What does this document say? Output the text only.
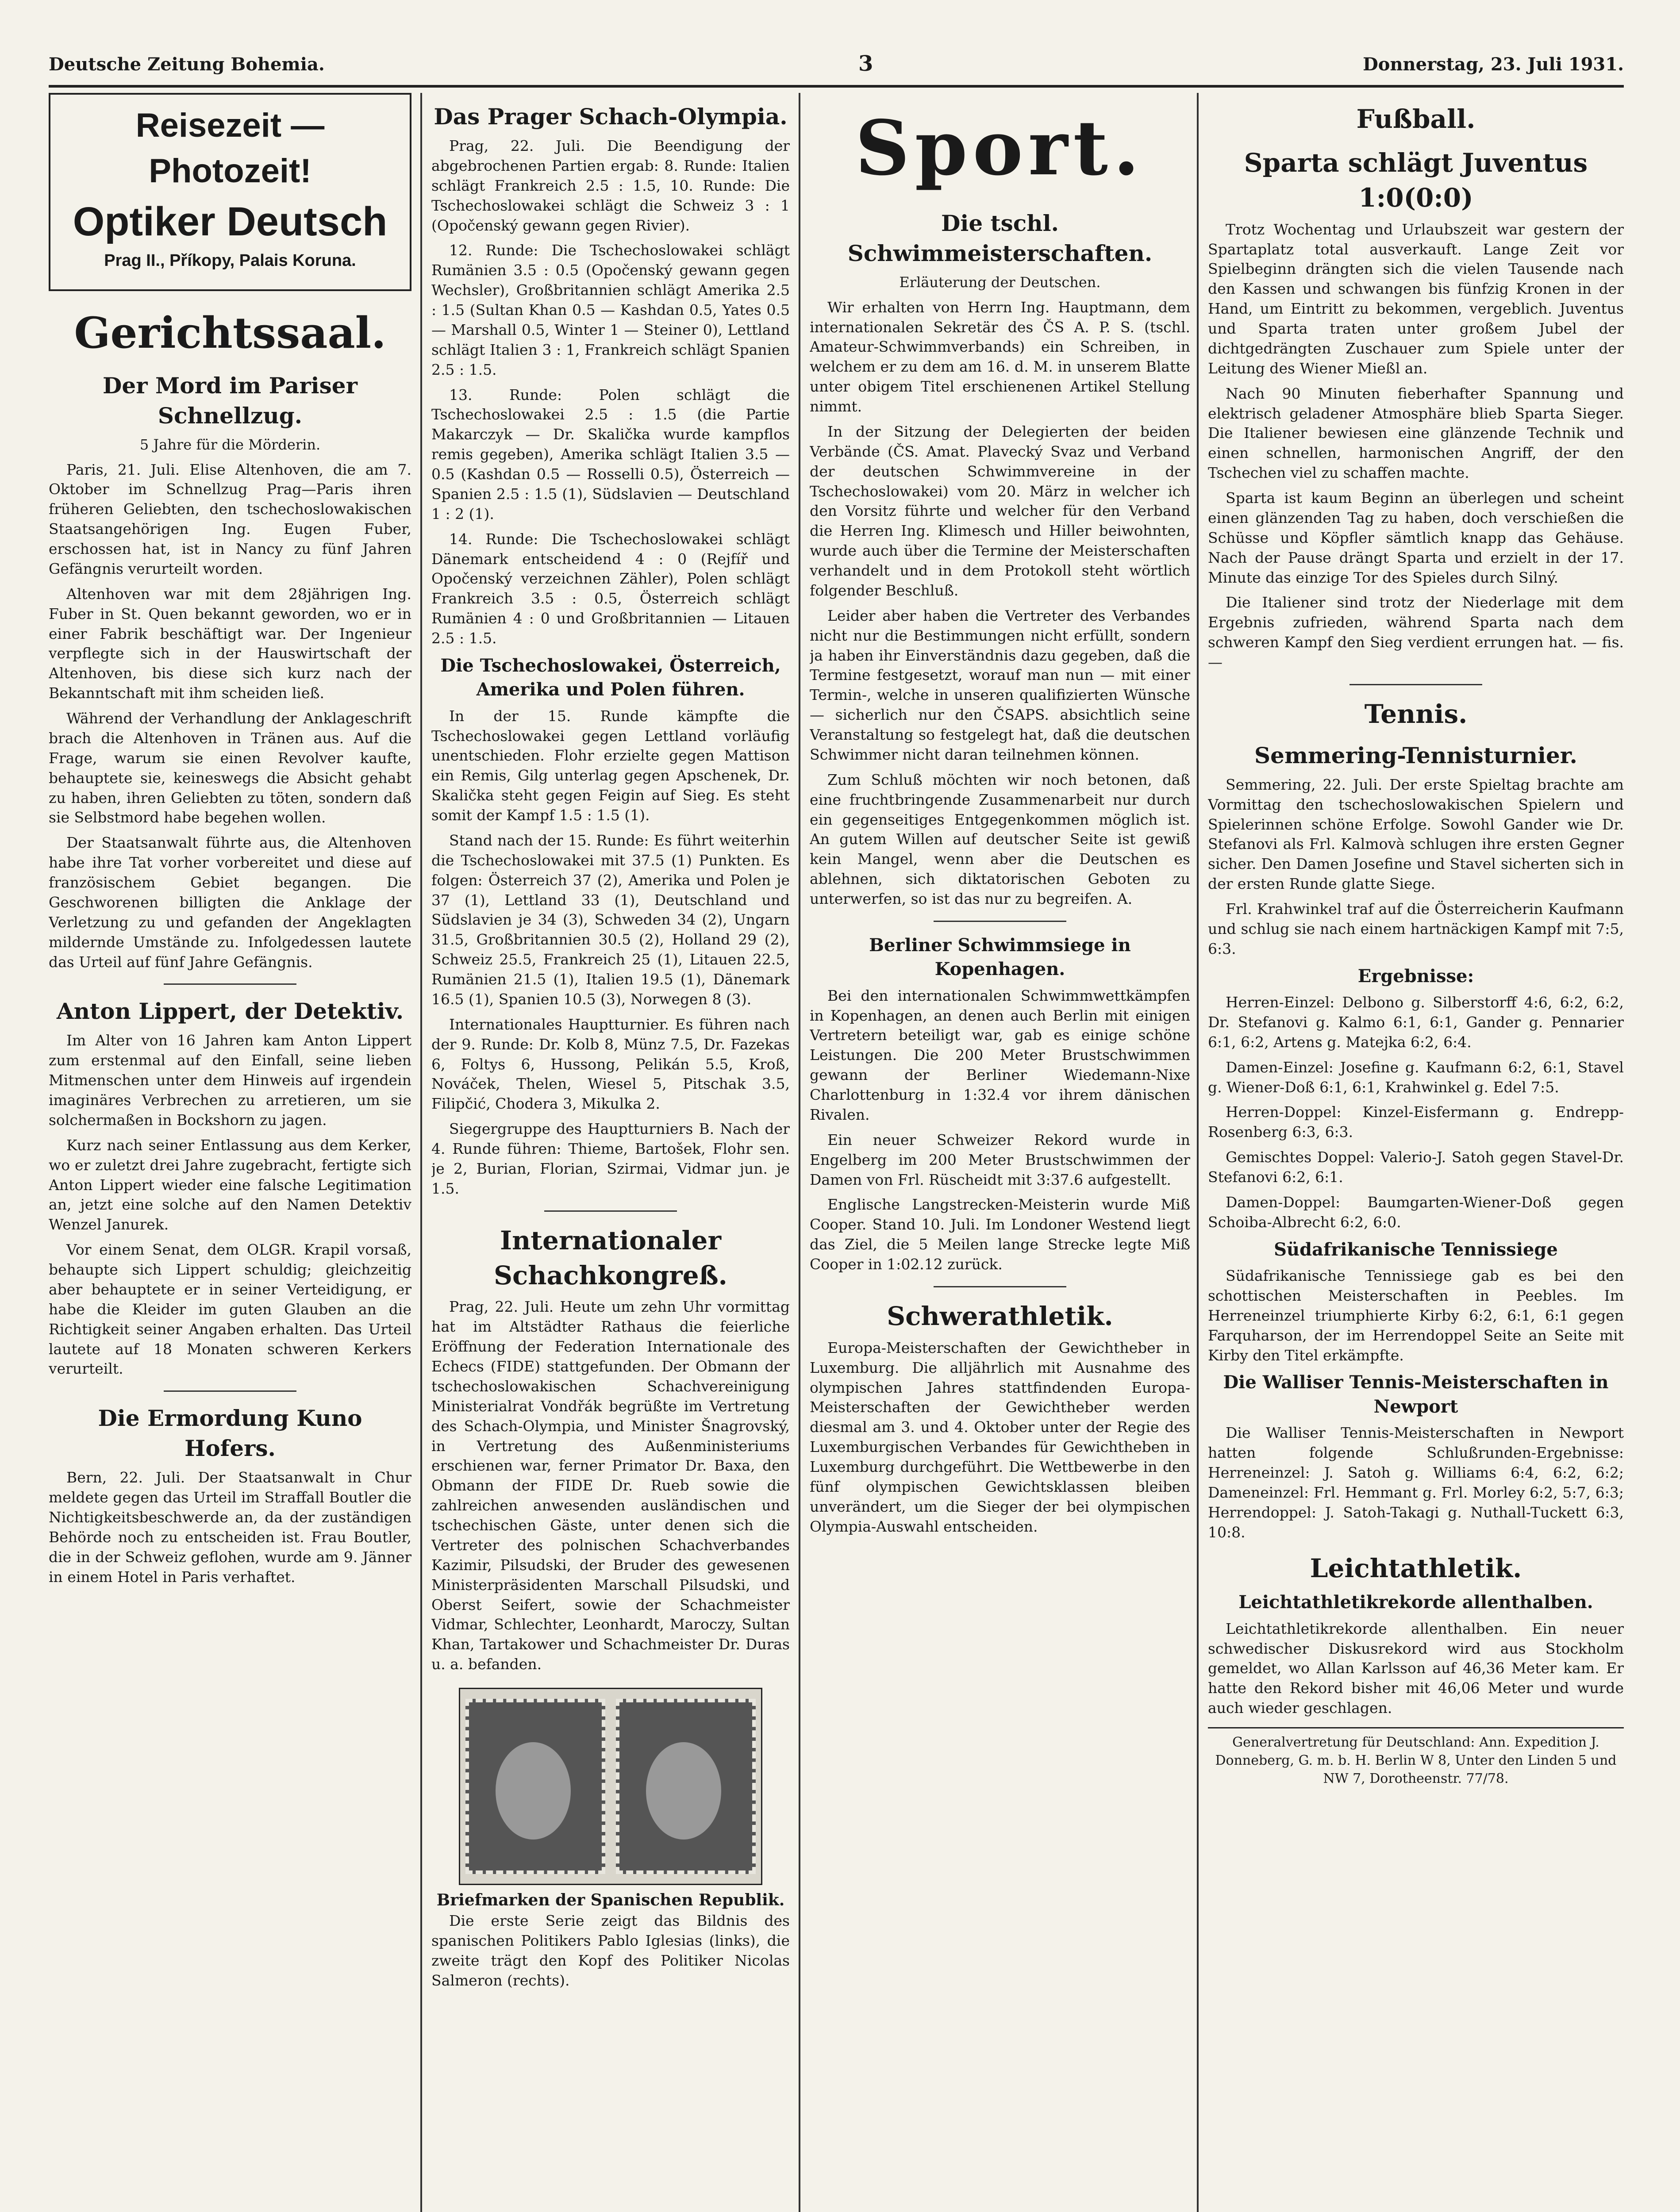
Deutsche Zeitung Bohemia.	3	Donnerstag, 23. Juli 1931.
Reisezeit — Photozeit!
Optiker Deutsch
Prag II., Příkopy, Palais Koruna.
Gerichtssaal.
Der Mord im Pariser Schnellzug.
5 Jahre für die Mörderin.

Paris, 21. Juli. Elise Altenhoven, die am 7. Oktober im Schnellzug Prag—Paris ihren früheren Geliebten, den tschechoslowakischen Staatsangehörigen Ing. Eugen Fuber, erschossen hat, ist in Nancy zu fünf Jahren Gefängnis verurteilt worden.

Altenhoven war mit dem 28jährigen Ing. Fuber in St. Quen bekannt geworden, wo er in einer Fabrik beschäftigt war. Der Ingenieur verpflegte sich in der Hauswirtschaft der Altenhoven, bis diese sich kurz nach der Bekanntschaft mit ihm scheiden ließ.

Während der Verhandlung der Anklageschrift brach die Altenhoven in Tränen aus. Auf die Frage, warum sie einen Revolver kaufte, behauptete sie, keineswegs die Absicht gehabt zu haben, ihren Geliebten zu töten, sondern daß sie Selbstmord habe begehen wollen.

Der Staatsanwalt führte aus, die Altenhoven habe ihre Tat vorher vorbereitet und diese auf französischem Gebiet begangen. Die Geschworenen billigten die Anklage der Verletzung zu und gefanden der Angeklagten mildernde Umstände zu. Infolgedessen lautete das Urteil auf fünf Jahre Gefängnis.

Anton Lippert, der Detektiv.

Im Alter von 16 Jahren kam Anton Lippert zum erstenmal auf den Einfall, seine lieben Mitmenschen unter dem Hinweis auf irgendein imaginäres Verbrechen zu arretieren, um sie solchermaßen in Bockshorn zu jagen.

Kurz nach seiner Entlassung aus dem Kerker, wo er zuletzt drei Jahre zugebracht, fertigte sich Anton Lippert wieder eine falsche Legitimation an, jetzt eine solche auf den Namen Detektiv Wenzel Janurek.

Vor einem Senat, dem OLGR. Krapil vorsaß, behaupte sich Lippert schuldig; gleichzeitig aber behauptete er in seiner Verteidigung, er habe die Kleider im guten Glauben an die Richtigkeit seiner Angaben erhalten. Das Urteil lautete auf 18 Monaten schweren Kerkers verurteilt.

Die Ermordung Kuno Hofers.

Bern, 22. Juli. Der Staatsanwalt in Chur meldete gegen das Urteil im Straffall Boutler die Nichtigkeitsbeschwerde an, da der zuständigen Behörde noch zu entscheiden ist. Frau Boutler, die in der Schweiz geflohen, wurde am 9. Jänner in einem Hotel in Paris verhaftet.

Das Prager Schach-Olympia.

Prag, 22. Juli. Die Beendigung der abgebrochenen Partien ergab: 8. Runde: Italien schlägt Frankreich 2.5 : 1.5, 10. Runde: Die Tschechoslowakei schlägt die Schweiz 3 : 1 (Opočenský gewann gegen Rivier).

12. Runde: Die Tschechoslowakei schlägt Rumänien 3.5 : 0.5 (Opočenský gewann gegen Wechsler), Großbritannien schlägt Amerika 2.5 : 1.5 (Sultan Khan 0.5 — Kashdan 0.5, Yates 0.5 — Marshall 0.5, Winter 1 — Steiner 0), Lettland schlägt Italien 3 : 1, Frankreich schlägt Spanien 2.5 : 1.5.

13. Runde: Polen schlägt die Tschechoslowakei 2.5 : 1.5 (die Partie Makarczyk — Dr. Skalička wurde kampflos remis gegeben), Amerika schlägt Italien 3.5 — 0.5 (Kashdan 0.5 — Rosselli 0.5), Österreich — Spanien 2.5 : 1.5 (1), Südslavien — Deutschland 1 : 2 (1).

14. Runde: Die Tschechoslowakei schlägt Dänemark entscheidend 4 : 0 (Rejfíř und Opočenský verzeichnen Zähler), Polen schlägt Frankreich 3.5 : 0.5, Österreich schlägt Rumänien 4 : 0 und Großbritannien — Litauen 2.5 : 1.5.

Die Tschechoslowakei, Österreich, Amerika und Polen führen.

In der 15. Runde kämpfte die Tschechoslowakei gegen Lettland vorläufig unentschieden. Flohr erzielte gegen Mattison ein Remis, Gilg unterlag gegen Apschenek, Dr. Skalička steht gegen Feigin auf Sieg. Es steht somit der Kampf 1.5 : 1.5 (1).

Stand nach der 15. Runde: Es führt weiterhin die Tschechoslowakei mit 37.5 (1) Punkten. Es folgen: Österreich 37 (2), Amerika und Polen je 37 (1), Lettland 33 (1), Deutschland und Südslavien je 34 (3), Schweden 34 (2), Ungarn 31.5, Großbritannien 30.5 (2), Holland 29 (2), Schweiz 25.5, Frankreich 25 (1), Litauen 22.5, Rumänien 21.5 (1), Italien 19.5 (1), Dänemark 16.5 (1), Spanien 10.5 (3), Norwegen 8 (3).

Internationales Hauptturnier. Es führen nach der 9. Runde: Dr. Kolb 8, Münz 7.5, Dr. Fazekas 6, Foltys 6, Hussong, Pelikán 5.5, Kroß, Nováček, Thelen, Wiesel 5, Pitschak 3.5, Filipčić, Chodera 3, Mikulka 2.

Siegergruppe des Hauptturniers B. Nach der 4. Runde führen: Thieme, Bartošek, Flohr sen. je 2, Burian, Florian, Szirmai, Vidmar jun. je 1.5.

Internationaler Schachkongreß.

Prag, 22. Juli. Heute um zehn Uhr vormittag hat im Altstädter Rathaus die feierliche Eröffnung der Federation Internationale des Echecs (FIDE) stattgefunden. Der Obmann der tschechoslowakischen Schachvereinigung Ministerialrat Vondřák begrüßte im Vertretung des Schach-Olympia, und Minister Šnagrovský, in Vertretung des Außenministeriums erschienen war, ferner Primator Dr. Baxa, den Obmann der FIDE Dr. Rueb sowie die zahlreichen anwesenden ausländischen und tschechischen Gäste, unter denen sich die Vertreter des polnischen Schachverbandes Kazimir, Pilsudski, der Bruder des gewesenen Ministerpräsidenten Marschall Pilsudski, und Oberst Seifert, sowie der Schachmeister Vidmar, Schlechter, Leonhardt, Maroczy, Sultan Khan, Tartakower und Schachmeister Dr. Duras u. a. befanden.

Briefmarken der Spanischen Republik.

Die erste Serie zeigt das Bildnis des spanischen Politikers Pablo Iglesias (links), die zweite trägt den Kopf des Politiker Nicolas Salmeron (rechts).

Sport.
Die tschl. Schwimmeisterschaften.
Erläuterung der Deutschen.

Wir erhalten von Herrn Ing. Hauptmann, dem internationalen Sekretär des ČS A. P. S. (tschl. Amateur-Schwimmverbands) ein Schreiben, in welchem er zu dem am 16. d. M. in unserem Blatte unter obigem Titel erschienenen Artikel Stellung nimmt.

In der Sitzung der Delegierten der beiden Verbände (ČS. Amat. Plavecký Svaz und Verband der deutschen Schwimmvereine in der Tschechoslowakei) vom 20. März in welcher ich den Vorsitz führte und welcher für den Verband die Herren Ing. Klimesch und Hiller beiwohnten, wurde auch über die Termine der Meisterschaften verhandelt und in dem Protokoll steht wörtlich folgender Beschluß.

Leider aber haben die Vertreter des Verbandes nicht nur die Bestimmungen nicht erfüllt, sondern ja haben ihr Einverständnis dazu gegeben, daß die Termine festgesetzt, worauf man nun — mit einer Termin-, welche in unseren qualifizierten Wünsche — sicherlich nur den ČSAPS. absichtlich seine Veranstaltung so festgelegt hat, daß die deutschen Schwimmer nicht daran teilnehmen können.

Zum Schluß möchten wir noch betonen, daß eine fruchtbringende Zusammenarbeit nur durch ein gegenseitiges Entgegenkommen möglich ist. An gutem Willen auf deutscher Seite ist gewiß kein Mangel, wenn aber die Deutschen es ablehnen, sich diktatorischen Geboten zu unterwerfen, so ist das nur zu begreifen. A.

Berliner Schwimmsiege in Kopenhagen.

Bei den internationalen Schwimmwettkämpfen in Kopenhagen, an denen auch Berlin mit einigen Vertretern beteiligt war, gab es einige schöne Leistungen. Die 200 Meter Brustschwimmen gewann der Berliner Wiedemann-Nixe Charlottenburg in 1:32.4 vor ihrem dänischen Rivalen.

Ein neuer Schweizer Rekord wurde in Engelberg im 200 Meter Brustschwimmen der Damen von Frl. Rüscheidt mit 3:37.6 aufgestellt.

Englische Langstrecken-Meisterin wurde Miß Cooper. Stand 10. Juli. Im Londoner Westend liegt das Ziel, die 5 Meilen lange Strecke legte Miß Cooper in 1:02.12 zurück.

Schwerathletik.

Europa-Meisterschaften der Gewichtheber in Luxemburg. Die alljährlich mit Ausnahme des olympischen Jahres stattfindenden Europa-Meisterschaften der Gewichtheber werden diesmal am 3. und 4. Oktober unter der Regie des Luxemburgischen Verbandes für Gewichtheben in Luxemburg durchgeführt. Die Wettbewerbe in den fünf olympischen Gewichtsklassen bleiben unverändert, um die Sieger der bei olympischen Olympia-Auswahl entscheiden.

Fußball.
Sparta schlägt Juventus 1:0(0:0)

Trotz Wochentag und Urlaubszeit war gestern der Spartaplatz total ausverkauft. Lange Zeit vor Spielbeginn drängten sich die vielen Tausende nach den Kassen und schwangen bis fünfzig Kronen in der Hand, um Eintritt zu bekommen, vergeblich. Juventus und Sparta traten unter großem Jubel der dichtgedrängten Zuschauer zum Spiele unter der Leitung des Wiener Mießl an.

Nach 90 Minuten fieberhafter Spannung und elektrisch geladener Atmosphäre blieb Sparta Sieger. Die Italiener bewiesen eine glänzende Technik und einen schnellen, harmonischen Angriff, der den Tschechen viel zu schaffen machte.

Sparta ist kaum Beginn an überlegen und scheint einen glänzenden Tag zu haben, doch verschießen die Schüsse und Köpfler sämtlich knapp das Gehäuse. Nach der Pause drängt Sparta und erzielt in der 17. Minute das einzige Tor des Spieles durch Silný.

Die Italiener sind trotz der Niederlage mit dem Ergebnis zufrieden, während Sparta nach dem schweren Kampf den Sieg verdient errungen hat. — fis. —

Tennis.
Semmering-Tennisturnier.

Semmering, 22. Juli. Der erste Spieltag brachte am Vormittag den tschechoslowakischen Spielern und Spielerinnen schöne Erfolge. Sowohl Gander wie Dr. Stefanovi als Frl. Kalmovà schlugen ihre ersten Gegner sicher. Den Damen Josefine und Stavel sicherten sich in der ersten Runde glatte Siege.

Frl. Krahwinkel traf auf die Österreicherin Kaufmann und schlug sie nach einem hartnäckigen Kampf mit 7:5, 6:3.

Ergebnisse:

Herren-Einzel: Delbono g. Silberstorff 4:6, 6:2, 6:2, Dr. Stefanovi g. Kalmo 6:1, 6:1, Gander g. Pennarier 6:1, 6:2, Artens g. Matejka 6:2, 6:4.

Damen-Einzel: Josefine g. Kaufmann 6:2, 6:1, Stavel g. Wiener-Doß 6:1, 6:1, Krahwinkel g. Edel 7:5.

Herren-Doppel: Kinzel-Eisfermann g. Endrepp-Rosenberg 6:3, 6:3.

Gemischtes Doppel: Valerio-J. Satoh gegen Stavel-Dr. Stefanovi 6:2, 6:1.

Damen-Doppel: Baumgarten-Wiener-Doß gegen Schoiba-Albrecht 6:2, 6:0.

Südafrikanische Tennissiege

Südafrikanische Tennissiege gab es bei den schottischen Meisterschaften in Peebles. Im Herreneinzel triumphierte Kirby 6:2, 6:1, 6:1 gegen Farquharson, der im Herrendoppel Seite an Seite mit Kirby den Titel erkämpfte.

Die Walliser Tennis-Meisterschaften in Newport

Die Walliser Tennis-Meisterschaften in Newport hatten folgende Schlußrunden-Ergebnisse: Herreneinzel: J. Satoh g. Williams 6:4, 6:2, 6:2; Dameneinzel: Frl. Hemmant g. Frl. Morley 6:2, 5:7, 6:3; Herrendoppel: J. Satoh-Takagi g. Nuthall-Tuckett 6:3, 10:8.

Leichtathletik.
Leichtathletikrekorde allenthalben.

Leichtathletikrekorde allenthalben. Ein neuer schwedischer Diskusrekord wird aus Stockholm gemeldet, wo Allan Karlsson auf 46,36 Meter kam. Er hatte den Rekord bisher mit 46,06 Meter und wurde auch wieder geschlagen.

Generalvertretung für Deutschland: Ann. Expedition J. Donneberg, G. m. b. H. Berlin W 8, Unter den Linden 5 und NW 7, Dorotheenstr. 77/78.
